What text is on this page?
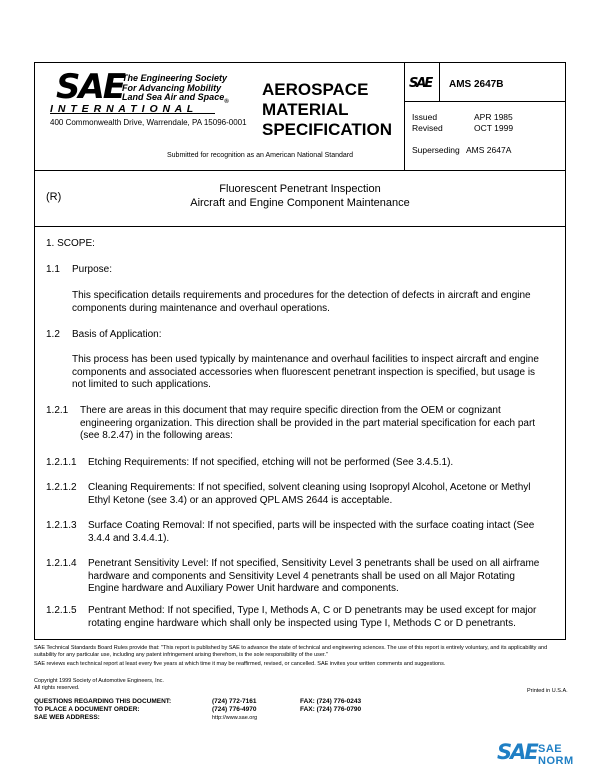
SAE
The Engineering Society
For Advancing Mobility
Land Sea Air and Space$_®$
I N T E R N A T I O N A L
400 Commonwealth Drive, Warrendale, PA 15096-0001
AEROSPACE
MATERIAL
SPECIFICATION
Submitted for recognition as an American National Standard
SAE AMS 2647B
Issued	APR 1985
Revised	OCT 1999
Superseding AMS 2647A
(R)
Fluorescent Penetrant Inspection
Aircraft and Engine Component Maintenance
1. SCOPE:
1.1 Purpose:
This specification details requirements and procedures for the detection of defects in aircraft and engine components during maintenance and overhaul operations.
1.2 Basis of Application:
This process has been used typically by maintenance and overhaul facilities to inspect aircraft and engine components and associated accessories when fluorescent penetrant inspection is specified, but usage is not limited to such applications.
1.2.1 There are areas in this document that may require specific direction from the OEM or cognizant engineering organization. This direction shall be provided in the part material specification for each part (see 8.2.47) in the following areas:
1.2.1.1 Etching Requirements: If not specified, etching will not be performed (See 3.4.5.1).
1.2.1.2 Cleaning Requirements: If not specified, solvent cleaning using Isopropyl Alcohol, Acetone or Methyl Ethyl Ketone (see 3.4) or an approved QPL AMS 2644 is acceptable.
1.2.1.3 Surface Coating Removal: If not specified, parts will be inspected with the surface coating intact (See 3.4.4 and 3.4.4.1).
1.2.1.4 Penetrant Sensitivity Level: If not specified, Sensitivity Level 3 penetrants shall be used on all airframe hardware and components and Sensitivity Level 4 penetrants shall be used on all Major Rotating Engine hardware and Auxiliary Power Unit hardware and components.
1.2.1.5 Pentrant Method: If not specified, Type I, Methods A, C or D penetrants may be used except for major rotating engine hardware which shall only be inspected using Type I, Methods C or D penetrants.
SAE Technical Standards Board Rules provide that: "This report is published by SAE to advance the state of technical and engineering sciences. The use of this report is entirely voluntary, and its applicability and suitability for any particular use, including any patent infringement arising therefrom, is the sole responsibility of the user."
SAE reviews each technical report at least every five years at which time it may be reaffirmed, revised, or cancelled. SAE invites your written comments and suggestions.
Copyright 1999 Society of Automotive Engineers, Inc.
All rights reserved.	Printed in U.S.A.
QUESTIONS REGARDING THIS DOCUMENT:	(724) 772-7161	FAX: (724) 776-0243
TO PLACE A DOCUMENT ORDER:	(724) 776-4970	FAX: (724) 776-0790
SAE WEB ADDRESS:	http://www.sae.org
SAE SAE NORM
